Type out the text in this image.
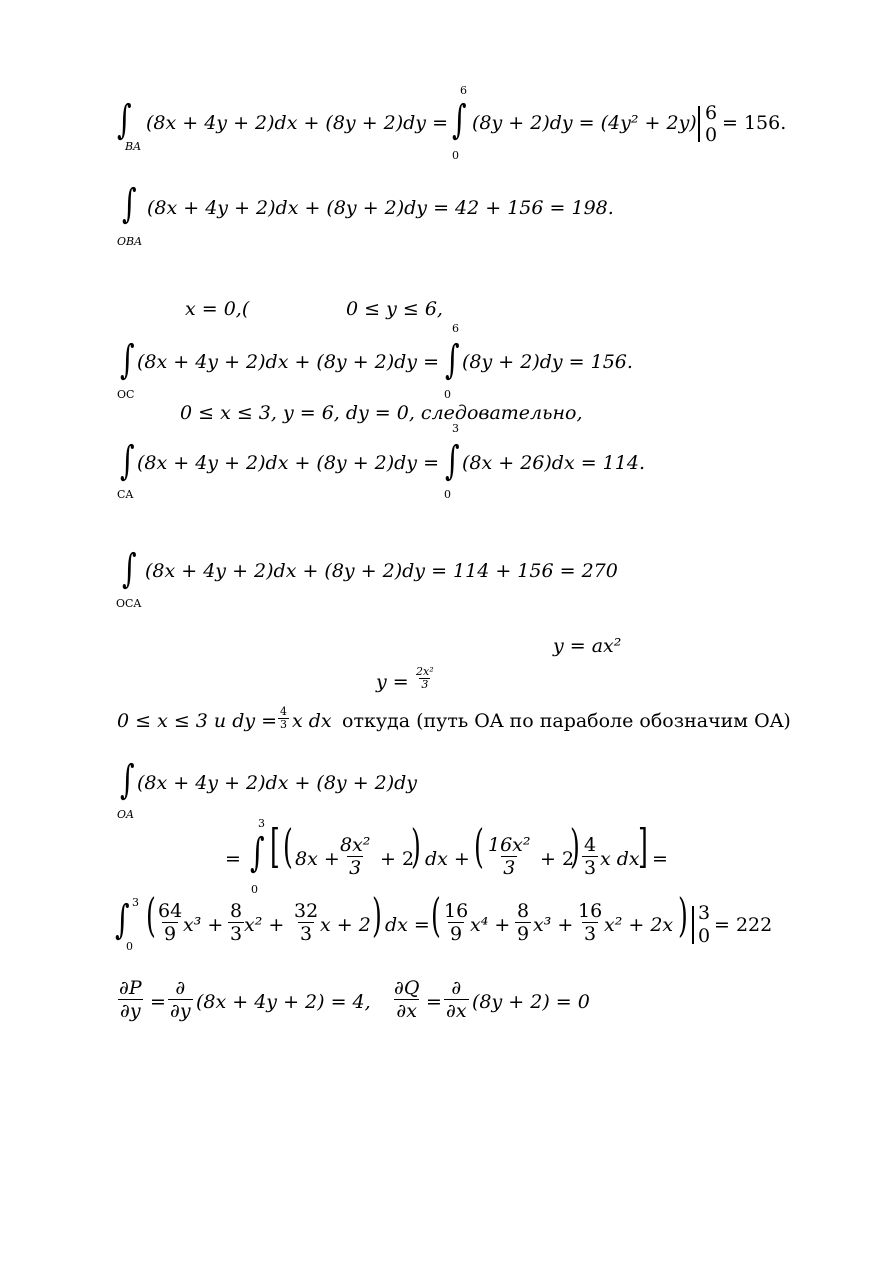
∫
BA
(8x + 4y + 2)dx + (8y + 2)dy =
6
∫
0
(8y + 2)dy = (4y² + 2y) 6
0
= 156.
∫
OBA
(8x + 4y + 2)dx + (8y + 2)dy = 42 + 156 = 198.
x = 0,(	0 ≤ y ≤ 6,
∫
OC
(8x + 4y + 2)dx + (8y + 2)dy =
6
∫
0
(8y + 2)dy = 156.
0 ≤ x ≤ 3, y = 6, dy = 0, следовательно,
∫
CA
(8x + 4y + 2)dx + (8y + 2)dy =
3
∫
0
(8x + 26)dx = 114.
∫
OCA
(8x + 4y + 2)dx + (8y + 2)dy = 114 + 156 = 270
y = ax²
$y = \frac{\text{2x²}}{3}$
0 ≤ x ≤ 3 и dy = $\frac{4}{3}$ x dx откуда (путь OA по параболе обозначим OA)
∫
OA
(8x + 4y + 2)dx + (8y + 2)dy
=
3
∫
0
[ ( 8x +
$\frac{\text{8x²}}{3} + 2$
) dx + ( $\frac{\text{16x²}}{3} + 2$
) $\frac{4}{3}$ x dx
] =
∫ 3
0
( $\frac{64}{9}$
$x^3 + \frac{8}{3} x^2 + \frac{32}{3}$ x + 2 ) dx = ( $\frac{16}{9} x^4 + \frac{8}{9} x^3 + \frac{16}{3} x^2 + 2x$ ) 3
0 = 222
$\frac{\partial P}{\partial y}$ =
∂
∂y (8x + 4y + 2) = 4, $\frac{\partial Q}{\partial x}$ =
∂
∂x (8y + 2) = 0
